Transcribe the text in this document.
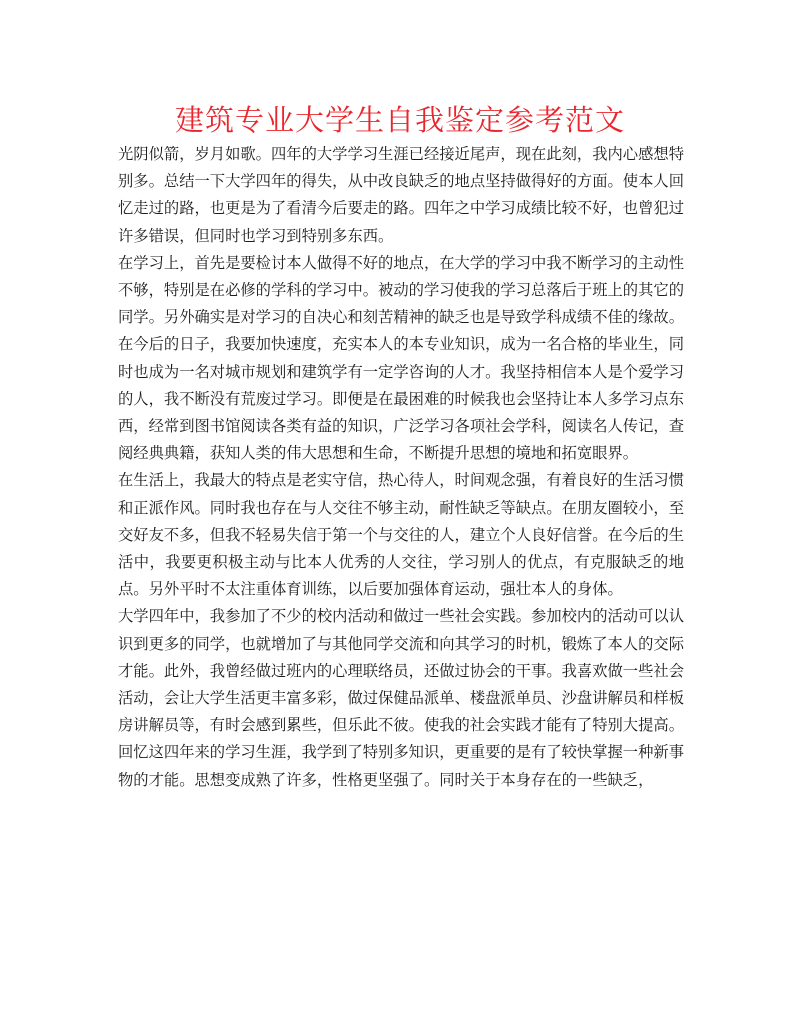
建筑专业大学生自我鉴定参考范文

光阴似箭，岁月如歌。四年的大学学习生涯已经接近尾声，现在此刻，我内心感想特别多。总结一下大学四年的得失，从中改良缺乏的地点坚持做得好的方面。使本人回忆走过的路，也更是为了看清今后要走的路。四年之中学习成绩比较不好，也曾犯过许多错误，但同时也学习到特别多东西。

在学习上，首先是要检讨本人做得不好的地点，在大学的学习中我不断学习的主动性不够，特别是在必修的学科的学习中。被动的学习使我的学习总落后于班上的其它的同学。另外确实是对学习的自决心和刻苦精神的缺乏也是导致学科成绩不佳的缘故。在今后的日子，我要加快速度，充实本人的本专业知识，成为一名合格的毕业生，同时也成为一名对城市规划和建筑学有一定学咨询的人才。我坚持相信本人是个爱学习的人，我不断没有荒废过学习。即便是在最困难的时候我也会坚持让本人多学习点东西，经常到图书馆阅读各类有益的知识，广泛学习各项社会学科，阅读名人传记，查阅经典典籍，获知人类的伟大思想和生命，不断提升思想的境地和拓宽眼界。

在生活上，我最大的特点是老实守信，热心待人，时间观念强，有着良好的生活习惯和正派作风。同时我也存在与人交往不够主动，耐性缺乏等缺点。在朋友圈较小，至交好友不多，但我不轻易失信于第一个与交往的人，建立个人良好信誉。在今后的生活中，我要更积极主动与比本人优秀的人交往，学习别人的优点，有克服缺乏的地点。另外平时不太注重体育训练，以后要加强体育运动，强壮本人的身体。

大学四年中，我参加了不少的校内活动和做过一些社会实践。参加校内的活动可以认识到更多的同学，也就增加了与其他同学交流和向其学习的时机，锻炼了本人的交际才能。此外，我曾经做过班内的心理联络员，还做过协会的干事。我喜欢做一些社会活动，会让大学生活更丰富多彩，做过保健品派单、楼盘派单员、沙盘讲解员和样板房讲解员等，有时会感到累些，但乐此不彼。使我的社会实践才能有了特别大提高。

回忆这四年来的学习生涯，我学到了特别多知识，更重要的是有了较快掌握一种新事物的才能。思想变成熟了许多，性格更坚强了。同时关于本身存在的一些缺乏，
